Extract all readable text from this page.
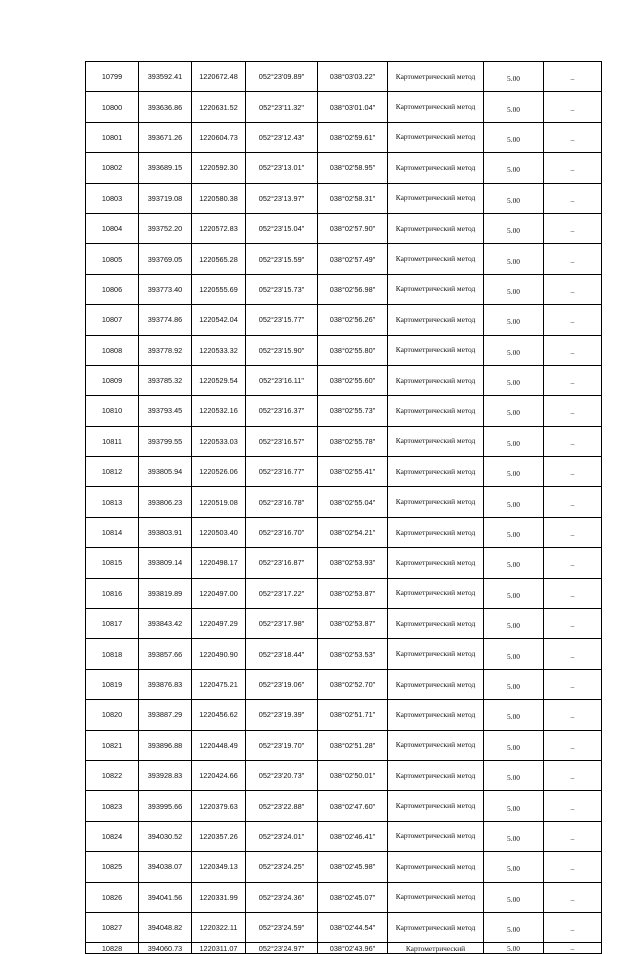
10799	393592.41	1220672.48	052°23'09.89"	038°03'03.22"	Картометрический метод	5.00	–
10800	393636.86	1220631.52	052°23'11.32"	038°03'01.04"	Картометрический метод	5.00	–
10801	393671.26	1220604.73	052°23'12.43"	038°02'59.61"	Картометрический метод	5.00	–
10802	393689.15	1220592.30	052°23'13.01"	038°02'58.95"	Картометрический метод	5.00	–
10803	393719.08	1220580.38	052°23'13.97"	038°02'58.31"	Картометрический метод	5.00	–
10804	393752.20	1220572.83	052°23'15.04"	038°02'57.90"	Картометрический метод	5.00	–
10805	393769.05	1220565.28	052°23'15.59"	038°02'57.49"	Картометрический метод	5.00	–
10806	393773.40	1220555.69	052°23'15.73"	038°02'56.98"	Картометрический метод	5.00	–
10807	393774.86	1220542.04	052°23'15.77"	038°02'56.26"	Картометрический метод	5.00	–
10808	393778.92	1220533.32	052°23'15.90"	038°02'55.80"	Картометрический метод	5.00	–
10809	393785.32	1220529.54	052°23'16.11"	038°02'55.60"	Картометрический метод	5.00	–
10810	393793.45	1220532.16	052°23'16.37"	038°02'55.73"	Картометрический метод	5.00	–
10811	393799.55	1220533.03	052°23'16.57"	038°02'55.78"	Картометрический метод	5.00	–
10812	393805.94	1220526.06	052°23'16.77"	038°02'55.41"	Картометрический метод	5.00	–
10813	393806.23	1220519.08	052°23'16.78"	038°02'55.04"	Картометрический метод	5.00	–
10814	393803.91	1220503.40	052°23'16.70"	038°02'54.21"	Картометрический метод	5.00	–
10815	393809.14	1220498.17	052°23'16.87"	038°02'53.93"	Картометрический метод	5.00	–
10816	393819.89	1220497.00	052°23'17.22"	038°02'53.87"	Картометрический метод	5.00	–
10817	393843.42	1220497.29	052°23'17.98"	038°02'53.87"	Картометрический метод	5.00	–
10818	393857.66	1220490.90	052°23'18.44"	038°02'53.53"	Картометрический метод	5.00	–
10819	393876.83	1220475.21	052°23'19.06"	038°02'52.70"	Картометрический метод	5.00	–
10820	393887.29	1220456.62	052°23'19.39"	038°02'51.71"	Картометрический метод	5.00	–
10821	393896.88	1220448.49	052°23'19.70"	038°02'51.28"	Картометрический метод	5.00	–
10822	393928.83	1220424.66	052°23'20.73"	038°02'50.01"	Картометрический метод	5.00	–
10823	393995.66	1220379.63	052°23'22.88"	038°02'47.60"	Картометрический метод	5.00	–
10824	394030.52	1220357.26	052°23'24.01"	038°02'46.41"	Картометрический метод	5.00	–
10825	394038.07	1220349.13	052°23'24.25"	038°02'45.98"	Картометрический метод	5.00	–
10826	394041.56	1220331.99	052°23'24.36"	038°02'45.07"	Картометрический метод	5.00	–
10827	394048.82	1220322.11	052°23'24.59"	038°02'44.54"	Картометрический метод	5.00	–
10828	394060.73	1220311.07	052°23'24.97"	038°02'43.96"	Картометрический	5.00	–
